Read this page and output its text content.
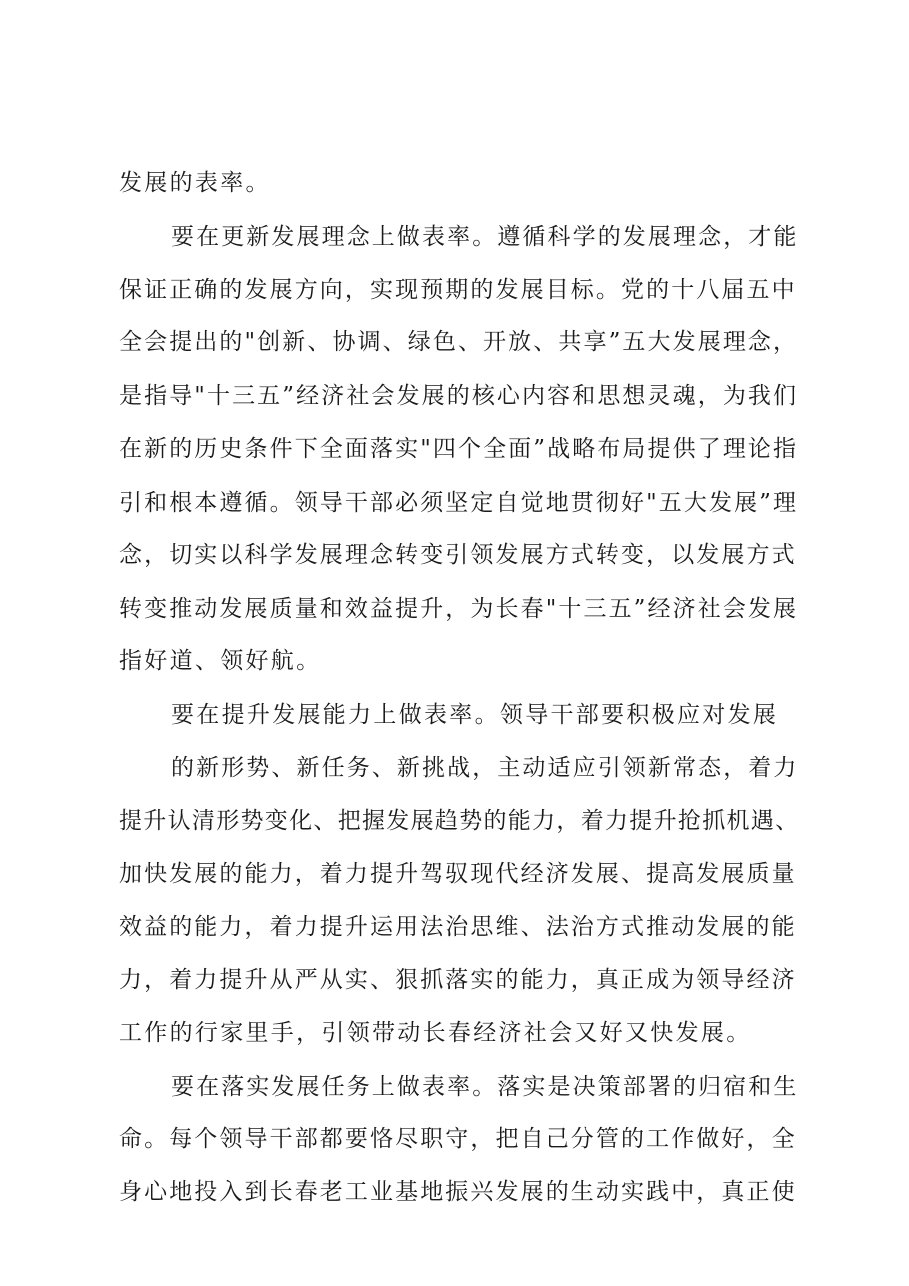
发展的表率。
要在更新发展理念上做表率。遵循科学的发展理念，才能
保证正确的发展方向，实现预期的发展目标。党的十八届五中
全会提出的"创新、协调、绿色、开放、共享”五大发展理念，
是指导"十三五”经济社会发展的核心内容和思想灵魂，为我们
在新的历史条件下全面落实"四个全面”战略布局提供了理论指
引和根本遵循。领导干部必须坚定自觉地贯彻好"五大发展”理
念，切实以科学发展理念转变引领发展方式转变，以发展方式
转变推动发展质量和效益提升，为长春"十三五”经济社会发展
指好道、领好航。
要在提升发展能力上做表率。领导干部要积极应对发展
的新形势、新任务、新挑战，主动适应引领新常态，着力
提升认清形势变化、把握发展趋势的能力，着力提升抢抓机遇、
加快发展的能力，着力提升驾驭现代经济发展、提高发展质量
效益的能力，着力提升运用法治思维、法治方式推动发展的能
力，着力提升从严从实、狠抓落实的能力，真正成为领导经济
工作的行家里手，引领带动长春经济社会又好又快发展。
要在落实发展任务上做表率。落实是决策部署的归宿和生
命。每个领导干部都要恪尽职守，把自己分管的工作做好，全
身心地投入到长春老工业基地振兴发展的生动实践中，真正使
